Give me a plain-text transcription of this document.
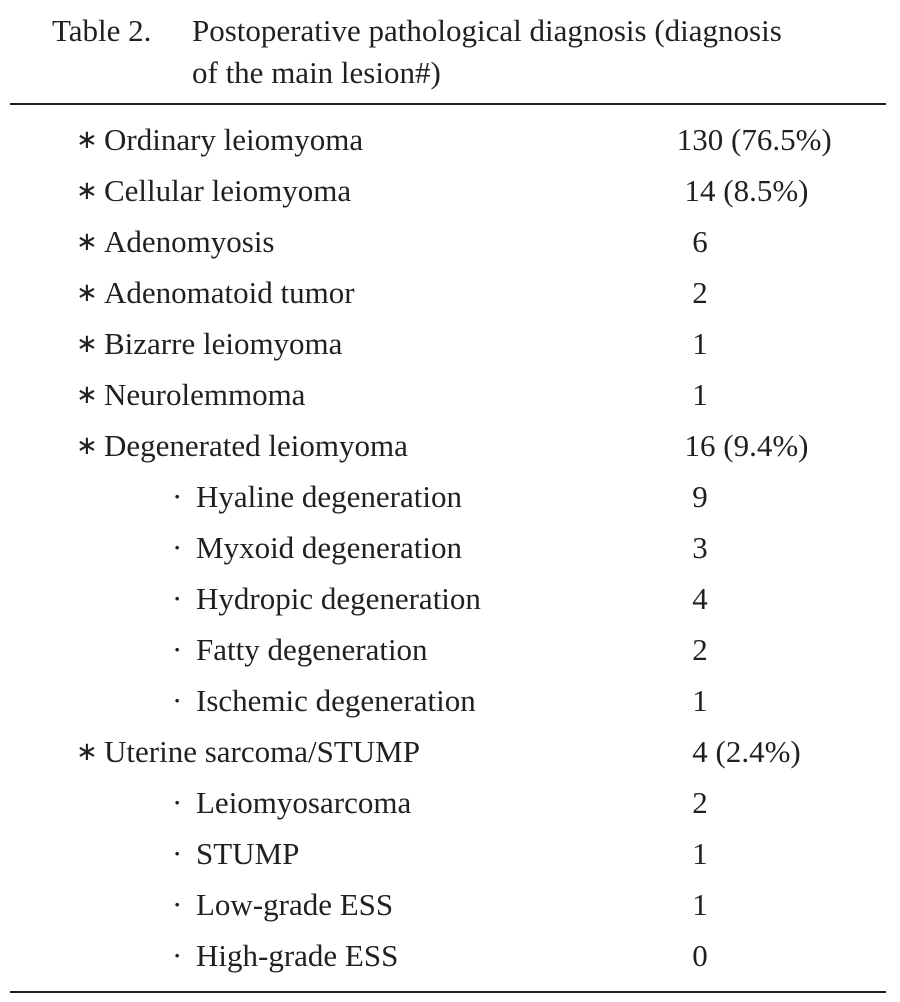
Table 2. Postoperative pathological diagnosis (diagnosis
of the main lesion#)
∗ Ordinary leiomyoma	130 (76.5%)
∗ Cellular leiomyoma	14 (8.5%)
∗ Adenomyosis	6
∗ Adenomatoid tumor	2
∗ Bizarre leiomyoma	1
∗ Neurolemmoma	1
∗ Degenerated leiomyoma	16 (9.4%)
· Hyaline degeneration	9
· Myxoid degeneration	3
· Hydropic degeneration	4
· Fatty degeneration	2
· Ischemic degeneration	1
∗ Uterine sarcoma/STUMP	4 (2.4%)
· Leiomyosarcoma	2
· STUMP	1
· Low-grade ESS	1
· High-grade ESS	0
